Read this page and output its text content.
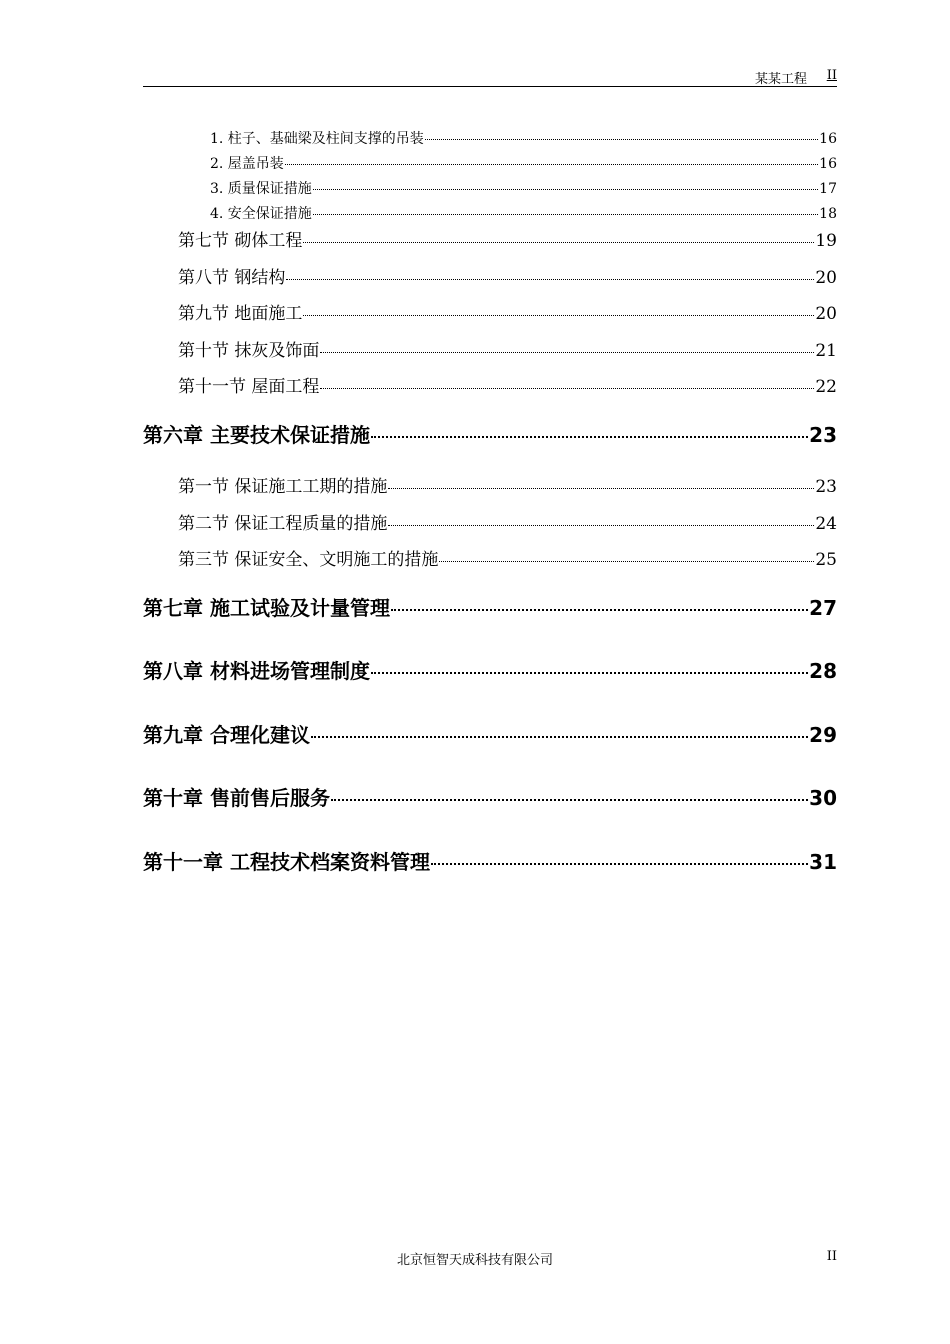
某某工程 II
1. 柱子、基础梁及柱间支撑的吊装	16
2. 屋盖吊装	16
3. 质量保证措施	17
4. 安全保证措施	18
第七节 砌体工程	19
第八节 钢结构	20
第九节 地面施工	20
第十节 抹灰及饰面	21
第十一节 屋面工程	22
第六章 主要技术保证措施	23
第一节 保证施工工期的措施	23
第二节 保证工程质量的措施	24
第三节 保证安全、文明施工的措施	25
第七章 施工试验及计量管理	27
第八章 材料进场管理制度	28
第九章 合理化建议	29
第十章 售前售后服务	30
第十一章 工程技术档案资料管理	31
北京恒智天成科技有限公司	II
